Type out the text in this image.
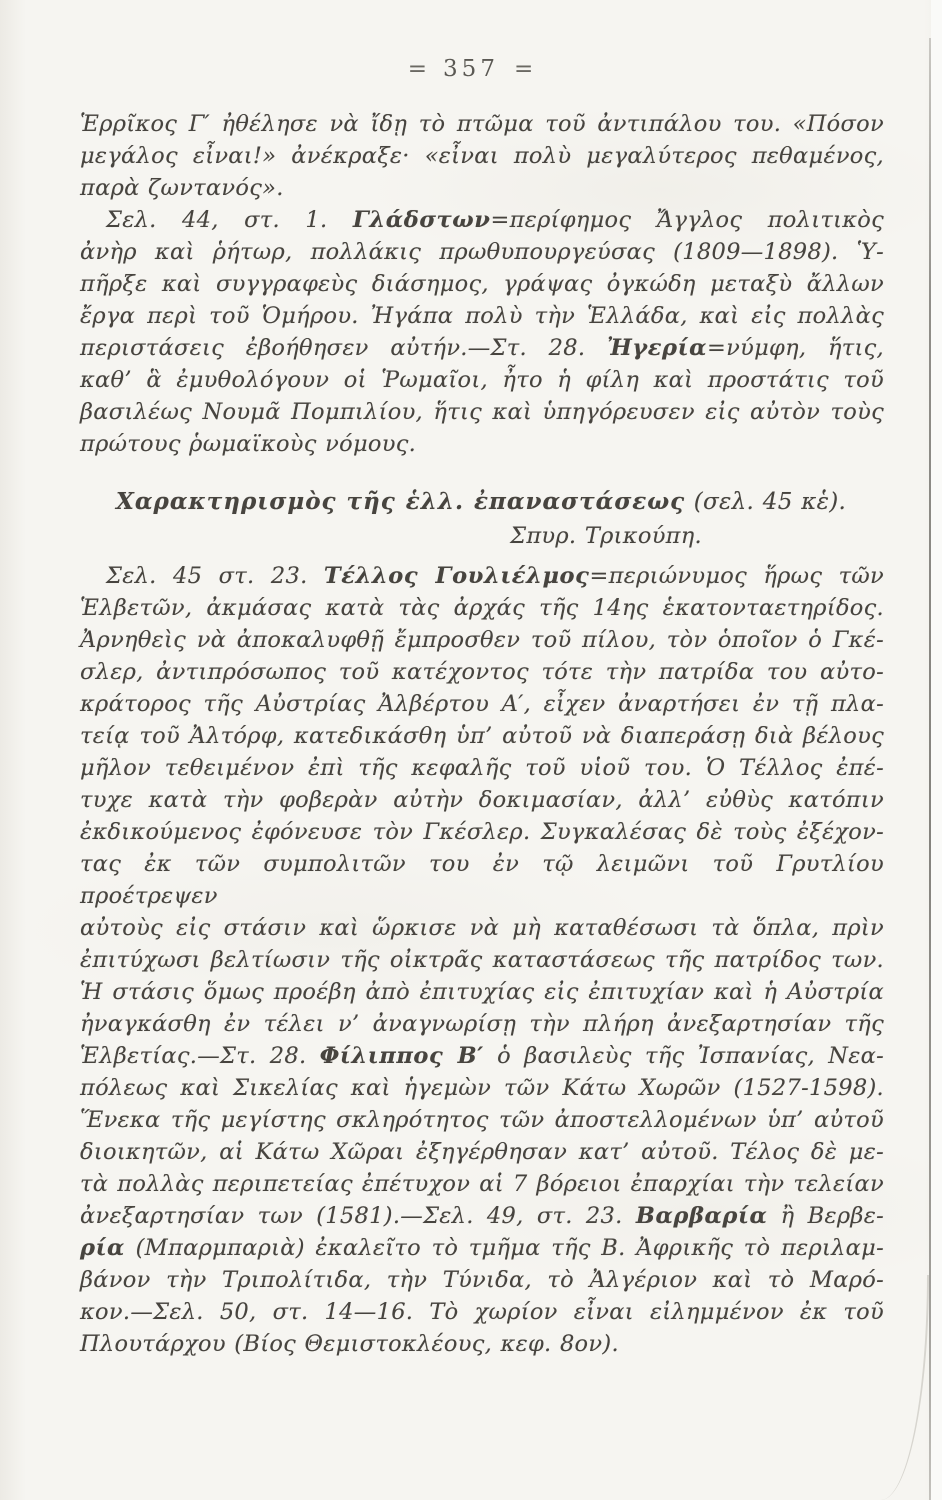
= 357 =
Ἑρρῖκος Γ′ ἠθέλησε νὰ ἴδῃ τὸ πτῶμα τοῦ ἀντιπάλου του. «Πόσον
μεγάλος εἶναι!» ἀνέκραξε· «εἶναι πολὺ μεγαλύτερος πεθαμένος,
παρὰ ζωντανός».
Σελ. 44, στ. 1. Γλάδστων=περίφημος Ἄγγλος πολιτικὸς
ἀνὴρ καὶ ῥήτωρ, πολλάκις πρωθυπουργεύσας (1809—1898). Ὑ-
πῆρξε καὶ συγγραφεὺς διάσημος, γράψας ὀγκώδη μεταξὺ ἄλλων
ἔργα περὶ τοῦ Ὁμήρου. Ἠγάπα πολὺ τὴν Ἑλλάδα, καὶ εἰς πολλὰς
περιστάσεις ἐβοήθησεν αὐτήν.—Στ. 28. Ἠγερία=νύμφη, ἥτις,
καθ’ ἃ ἐμυθολόγουν οἱ Ῥωμαῖοι, ἦτο ἡ φίλη καὶ προστάτις τοῦ
βασιλέως Νουμᾶ Πομπιλίου, ἥτις καὶ ὑπηγόρευσεν εἰς αὐτὸν τοὺς
πρώτους ῥωμαϊκοὺς νόμους.
Χαρακτηρισμὸς τῆς ἑλλ. ἐπαναστάσεως (σελ. 45 κἑ).
Σπυρ. Τρικούπη.
Σελ. 45 στ. 23. Τέλλος Γουλιέλμος=περιώνυμος ἥρως τῶν
Ἑλβετῶν, ἀκμάσας κατὰ τὰς ἀρχάς τῆς 14ης ἑκατονταετηρίδος.
Ἀρνηθεὶς νὰ ἀποκαλυφθῇ ἔμπροσθεν τοῦ πίλου, τὸν ὁποῖον ὁ Γκέ-
σλερ, ἀντιπρόσωπος τοῦ κατέχοντος τότε τὴν πατρίδα του αὐτο-
κράτορος τῆς Αὐστρίας Ἀλβέρτου Α′, εἶχεν ἀναρτήσει ἐν τῇ πλα-
τείᾳ τοῦ Ἀλτόρφ, κατεδικάσθη ὑπ’ αὐτοῦ νὰ διαπεράσῃ διὰ βέλους
μῆλον τεθειμένον ἐπὶ τῆς κεφαλῆς τοῦ υἱοῦ του. Ὁ Τέλλος ἐπέ-
τυχε κατὰ τὴν φοβερὰν αὐτὴν δοκιμασίαν, ἀλλ’ εὐθὺς κατόπιν
ἐκδικούμενος ἐφόνευσε τὸν Γκέσλερ. Συγκαλέσας δὲ τοὺς ἐξέχον-
τας ἐκ τῶν συμπολιτῶν του ἐν τῷ λειμῶνι τοῦ Γρυτλίου προέτρεψεν
αὐτοὺς εἰς στάσιν καὶ ὥρκισε νὰ μὴ καταθέσωσι τὰ ὅπλα, πρὶν
ἐπιτύχωσι βελτίωσιν τῆς οἰκτρᾶς καταστάσεως τῆς πατρίδος των.
Ἡ στάσις ὅμως προέβη ἀπὸ ἐπιτυχίας εἰς ἐπιτυχίαν καὶ ἡ Αὐστρία
ἠναγκάσθη ἐν τέλει ν’ ἀναγνωρίσῃ τὴν πλήρη ἀνεξαρτησίαν τῆς
Ἑλβετίας.—Στ. 28. Φίλιππος Β′ ὁ βασιλεὺς τῆς Ἰσπανίας, Νεα-
πόλεως καὶ Σικελίας καὶ ἡγεμὼν τῶν Κάτω Χωρῶν (1527-1598).
Ἕνεκα τῆς μεγίστης σκληρότητος τῶν ἀποστελλομένων ὑπ’ αὐτοῦ
διοικητῶν, αἱ Κάτω Χῶραι ἐξηγέρθησαν κατ’ αὐτοῦ. Τέλος δὲ με-
τὰ πολλὰς περιπετείας ἐπέτυχον αἱ 7 βόρειοι ἐπαρχίαι τὴν τελείαν
ἀνεξαρτησίαν των (1581).—Σελ. 49, στ. 23. Βαρβαρία ἢ Βερβε-
ρία (Μπαρμπαριὰ) ἐκαλεῖτο τὸ τμῆμα τῆς Β. Ἀφρικῆς τὸ περιλαμ-
βάνον τὴν Τριπολίτιδα, τὴν Τύνιδα, τὸ Ἀλγέριον καὶ τὸ Μαρό-
κον.—Σελ. 50, στ. 14—16. Τὸ χωρίον εἶναι εἰλημμένον ἐκ τοῦ
Πλουτάρχου (Βίος Θεμιστοκλέους, κεφ. 8ον).
